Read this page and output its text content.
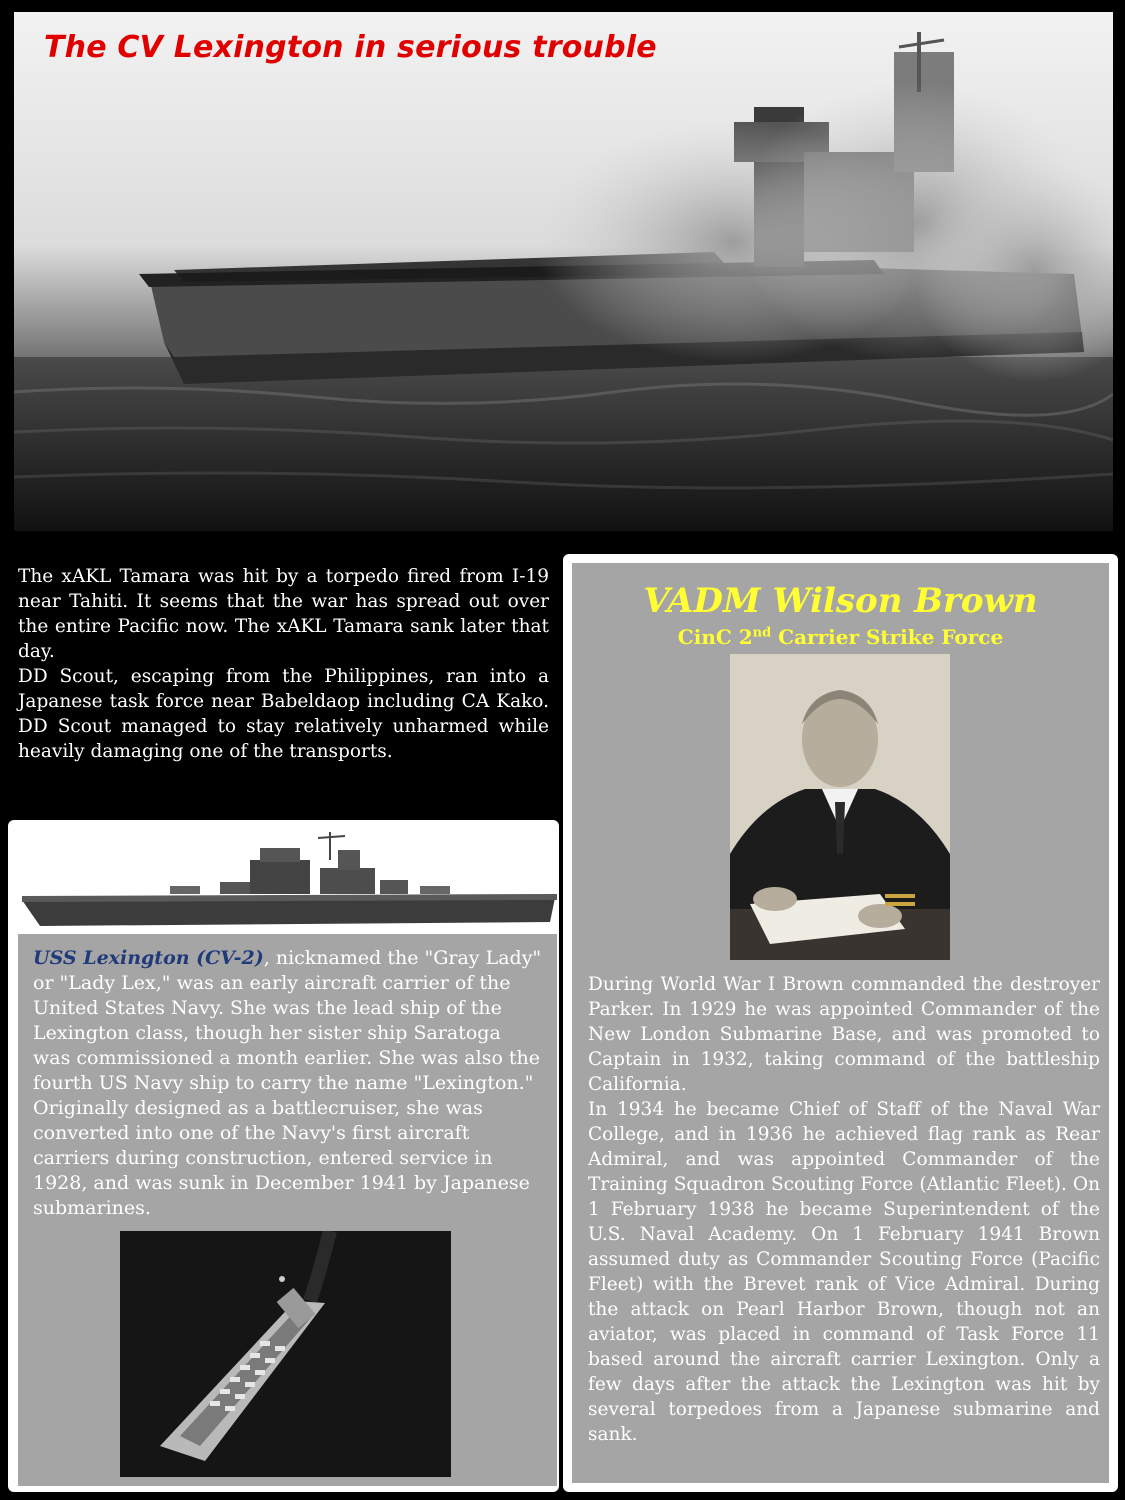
The CV Lexington in serious trouble

The xAKL Tamara was hit by a torpedo fired from I-19 near Tahiti. It seems that the war has spread out over the entire Pacific now. The xAKL Tamara sank later that day.

DD Scout, escaping from the Philippines, ran into a Japanese task force near Babeldaop including CA Kako. DD Scout managed to stay relatively unharmed while heavily damaging one of the transports.

USS Lexington (CV-2), nicknamed the "Gray Lady" or "Lady Lex," was an early aircraft carrier of the United States Navy. She was the lead ship of the Lexington class, though her sister ship Saratoga was commissioned a month earlier. She was also the fourth US Navy ship to carry the name "Lexington." Originally designed as a battlecruiser, she was converted into one of the Navy's first aircraft carriers during construction, entered service in 1928, and was sunk in December 1941 by Japanese submarines.
VADM Wilson Brown

CinC 2nd Carrier Strike Force

During World War I Brown commanded the destroyer Parker. In 1929 he was appointed Commander of the New London Submarine Base, and was promoted to Captain in 1932, taking command of the battleship California.

In 1934 he became Chief of Staff of the Naval War College, and in 1936 he achieved flag rank as Rear Admiral, and was appointed Commander of the Training Squadron Scouting Force (Atlantic Fleet). On 1 February 1938 he became Superintendent of the U.S. Naval Academy. On 1 February 1941 Brown assumed duty as Commander Scouting Force (Pacific Fleet) with the Brevet rank of Vice Admiral. During the attack on Pearl Harbor Brown, though not an aviator, was placed in command of Task Force 11 based around the aircraft carrier Lexington. Only a few days after the attack the Lexington was hit by several torpedoes from a Japanese submarine and sank.
